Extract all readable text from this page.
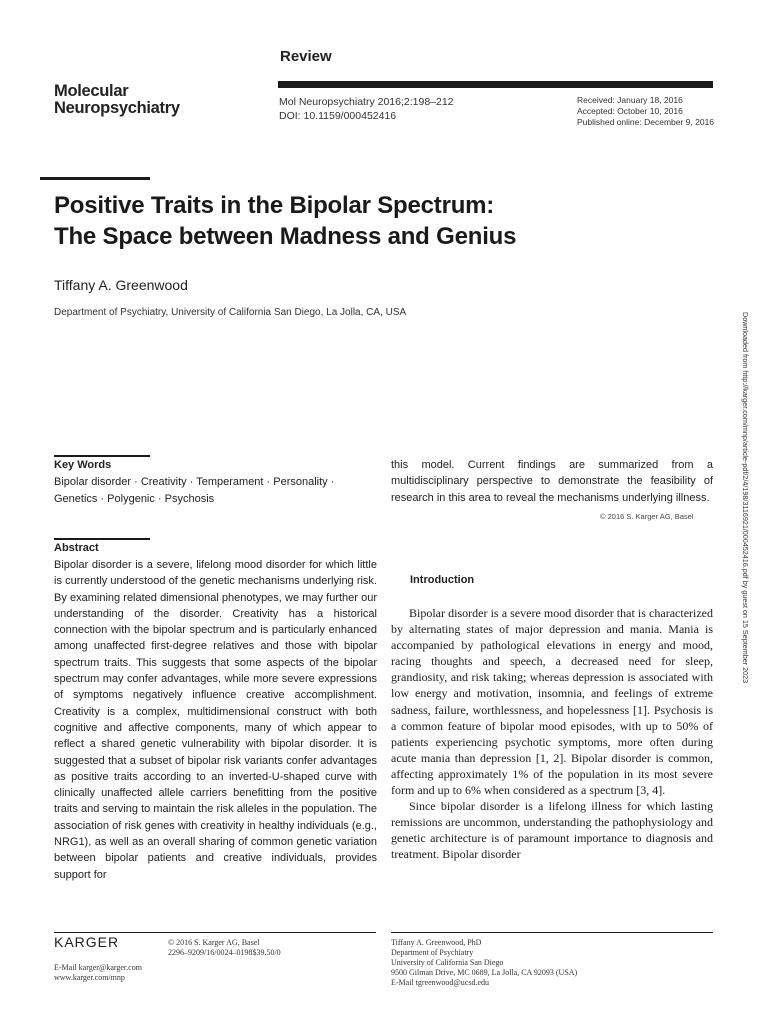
Review
Molecular
Neuropsychiatry	Mol Neuropsychiatry 2016;2:198–212
DOI: 10.1159/000452416
Received: January 18, 2016
Accepted: October 10, 2016
Published online: December 9, 2016
Positive Traits in the Bipolar Spectrum:
The Space between Madness and Genius
Tiffany A. Greenwood
Department of Psychiatry, University of California San Diego, La Jolla, CA, USA	Downloaded from http://karger.com/mnp/article-pdf/2/4/198/3116921/000452416.pdf by guest on 15 September 2023
Key Words
Bipolar disorder · Creativity · Temperament · Personality ·
Genetics · Polygenic · Psychosis
Abstract
Bipolar disorder is a severe, lifelong mood disorder for which little is currently understood of the genetic mechanisms underlying risk. By examining related dimensional phenotypes, we may further our understanding of the disorder. Creativity has a historical connection with the bipolar spectrum and is particularly enhanced among unaffected first-degree relatives and those with bipolar spectrum traits. This suggests that some aspects of the bipolar spectrum may confer advantages, while more severe expressions of symptoms negatively influence creative accomplishment. Creativity is a complex, multidimensional construct with both cognitive and affective components, many of which appear to reflect a shared genetic vulnerability with bipolar disorder. It is suggested that a subset of bipolar risk variants confer advantages as positive traits according to an inverted-U-shaped curve with clinically unaffected allele carriers benefitting from the positive traits and serving to maintain the risk alleles in the population. The association of risk genes with creativity in healthy individuals (e.g., NRG1), as well as an overall sharing of common genetic variation between bipolar patients and creative individuals, provides support for
this model. Current findings are summarized from a multidisciplinary perspective to demonstrate the feasibility of research in this area to reveal the mechanisms underlying illness.
© 2016 S. Karger AG, Basel
Introduction

Bipolar disorder is a severe mood disorder that is characterized by alternating states of major depression and mania. Mania is accompanied by pathological elevations in energy and mood, racing thoughts and speech, a decreased need for sleep, grandiosity, and risk taking; whereas depression is associated with low energy and motivation, insomnia, and feelings of extreme sadness, failure, worthlessness, and hopelessness [1]. Psychosis is a common feature of bipolar mood episodes, with up to 50% of patients experiencing psychotic symptoms, more often during acute mania than depression [1, 2]. Bipolar disorder is common, affecting approximately 1% of the population in its most severe form and up to 6% when considered as a spectrum [3, 4].

Since bipolar disorder is a lifelong illness for which lasting remissions are uncommon, understanding the pathophysiology and genetic architecture is of paramount importance to diagnosis and treatment. Bipolar disorder

KARGER	© 2016 S. Karger AG, Basel
2296–9209/16/0024–0198$39.50/0
E-Mail karger@karger.com
www.karger.com/mnp
Tiffany A. Greenwood, PhD
Department of Psychiatry
University of California San Diego
9500 Gilman Drive, MC 0689, La Jolla, CA 92093 (USA)
E-Mail tgreenwood@ucsd.edu
